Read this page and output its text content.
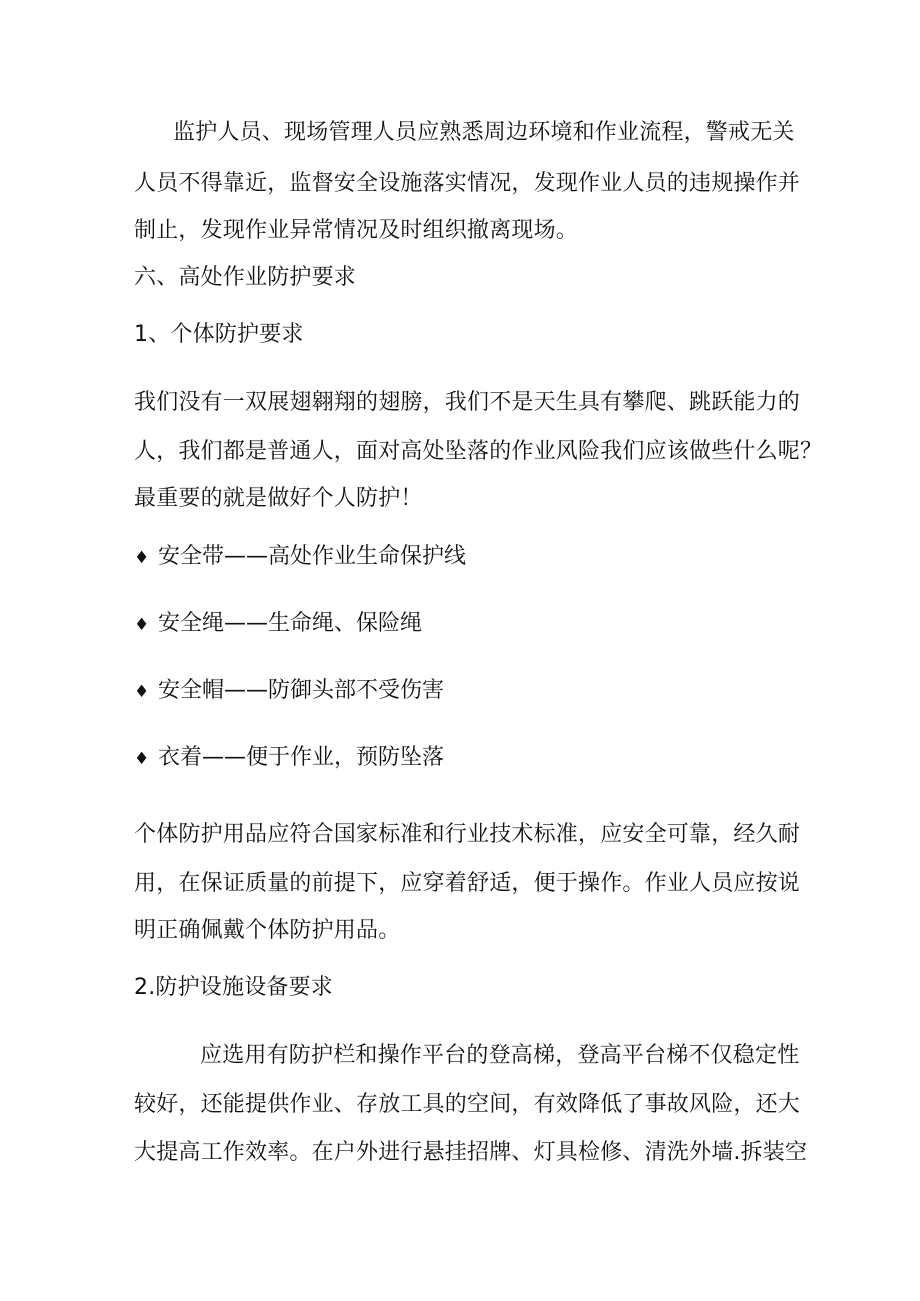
监护人员、现场管理人员应熟悉周边环境和作业流程，警戒无关
人员不得靠近，监督安全设施落实情况，发现作业人员的违规操作并
制止，发现作业异常情况及时组织撤离现场。
六、高处作业防护要求
1、个体防护要求
我们没有一双展翅翱翔的翅膀，我们不是天生具有攀爬、跳跃能力的
人，我们都是普通人，面对高处坠落的作业风险我们应该做些什么呢？
最重要的就是做好个人防护！
♦ 安全带——高处作业生命保护线
♦ 安全绳——生命绳、保险绳
♦ 安全帽——防御头部不受伤害
♦ 衣着——便于作业，预防坠落
个体防护用品应符合国家标准和行业技术标准，应安全可靠，经久耐
用，在保证质量的前提下，应穿着舒适，便于操作。作业人员应按说
明正确佩戴个体防护用品。
2.防护设施设备要求
应选用有防护栏和操作平台的登高梯，登高平台梯不仅稳定性
较好，还能提供作业、存放工具的空间，有效降低了事故风险，还大
大提高工作效率。在户外进行悬挂招牌、灯具检修、清洗外墙.拆装空
